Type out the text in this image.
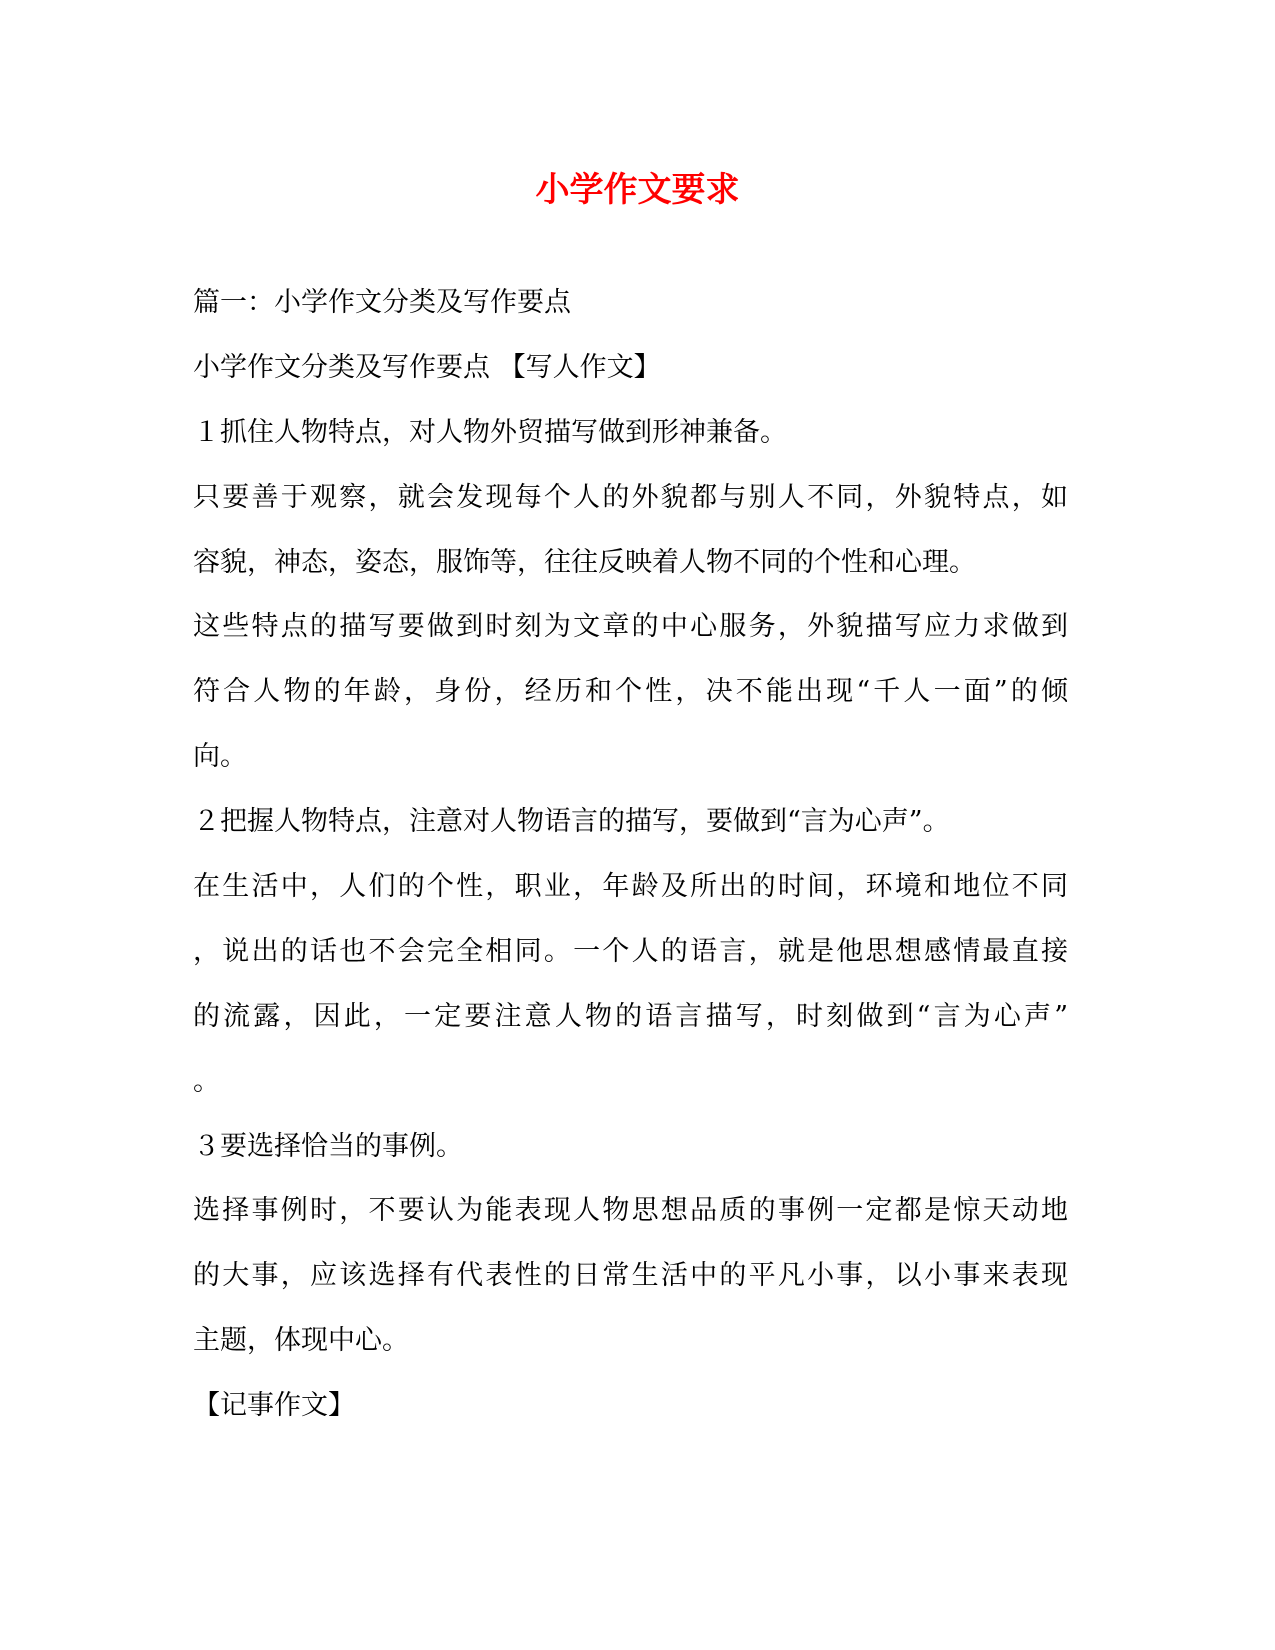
小学作文要求
篇一：小学作文分类及写作要点
小学作文分类及写作要点 【写人作文】
１抓住人物特点，对人物外贸描写做到形神兼备。
只要善于观察，就会发现每个人的外貌都与别人不同，外貌特点，如
容貌，神态，姿态，服饰等，往往反映着人物不同的个性和心理。
这些特点的描写要做到时刻为文章的中心服务，外貌描写应力求做到
符合人物的年龄，身份，经历和个性，决不能出现“千人一面”的倾
向。
２把握人物特点，注意对人物语言的描写，要做到“言为心声”。
在生活中，人们的个性，职业，年龄及所出的时间，环境和地位不同
，说出的话也不会完全相同。一个人的语言，就是他思想感情最直接
的流露，因此，一定要注意人物的语言描写，时刻做到“言为心声”
。
３要选择恰当的事例。
选择事例时，不要认为能表现人物思想品质的事例一定都是惊天动地
的大事，应该选择有代表性的日常生活中的平凡小事，以小事来表现
主题，体现中心。
【记事作文】
